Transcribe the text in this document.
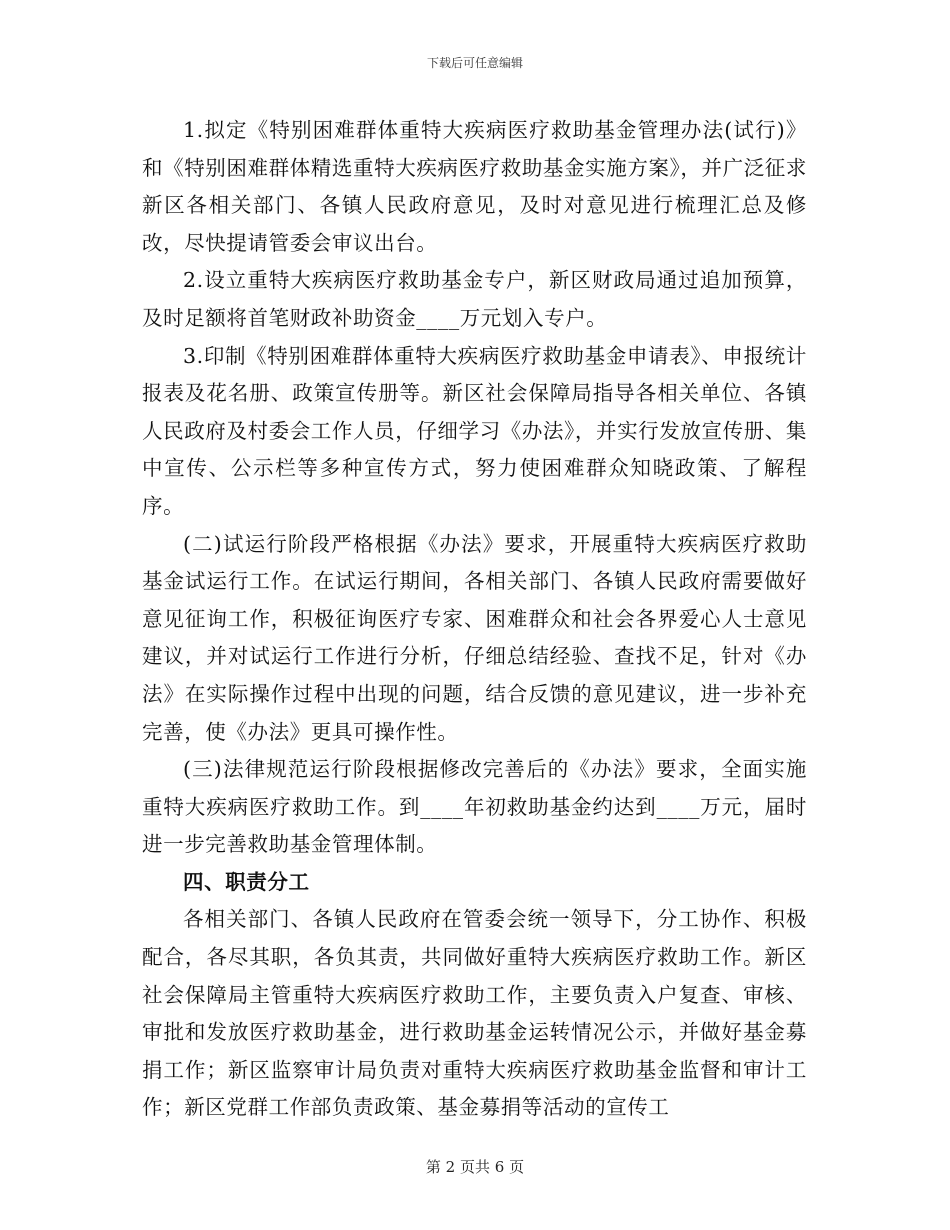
下载后可任意编辑

1.拟定《特别困难群体重特大疾病医疗救助基金管理办法(试行)》和《特别困难群体精选重特大疾病医疗救助基金实施方案》，并广泛征求新区各相关部门、各镇人民政府意见，及时对意见进行梳理汇总及修改，尽快提请管委会审议出台。

2.设立重特大疾病医疗救助基金专户，新区财政局通过追加预算，及时足额将首笔财政补助资金____万元划入专户。

3.印制《特别困难群体重特大疾病医疗救助基金申请表》、申报统计报表及花名册、政策宣传册等。新区社会保障局指导各相关单位、各镇人民政府及村委会工作人员，仔细学习《办法》，并实行发放宣传册、集中宣传、公示栏等多种宣传方式，努力使困难群众知晓政策、了解程序。

(二)试运行阶段严格根据《办法》要求，开展重特大疾病医疗救助基金试运行工作。在试运行期间，各相关部门、各镇人民政府需要做好意见征询工作，积极征询医疗专家、困难群众和社会各界爱心人士意见建议，并对试运行工作进行分析，仔细总结经验、查找不足，针对《办法》在实际操作过程中出现的问题，结合反馈的意见建议，进一步补充完善，使《办法》更具可操作性。

(三)法律规范运行阶段根据修改完善后的《办法》要求，全面实施重特大疾病医疗救助工作。到____年初救助基金约达到____万元，届时进一步完善救助基金管理体制。

四、职责分工

各相关部门、各镇人民政府在管委会统一领导下，分工协作、积极配合，各尽其职，各负其责，共同做好重特大疾病医疗救助工作。新区社会保障局主管重特大疾病医疗救助工作，主要负责入户复查、审核、审批和发放医疗救助基金，进行救助基金运转情况公示，并做好基金募捐工作；新区监察审计局负责对重特大疾病医疗救助基金监督和审计工作；新区党群工作部负责政策、基金募捐等活动的宣传工

第 2 页共 6 页
